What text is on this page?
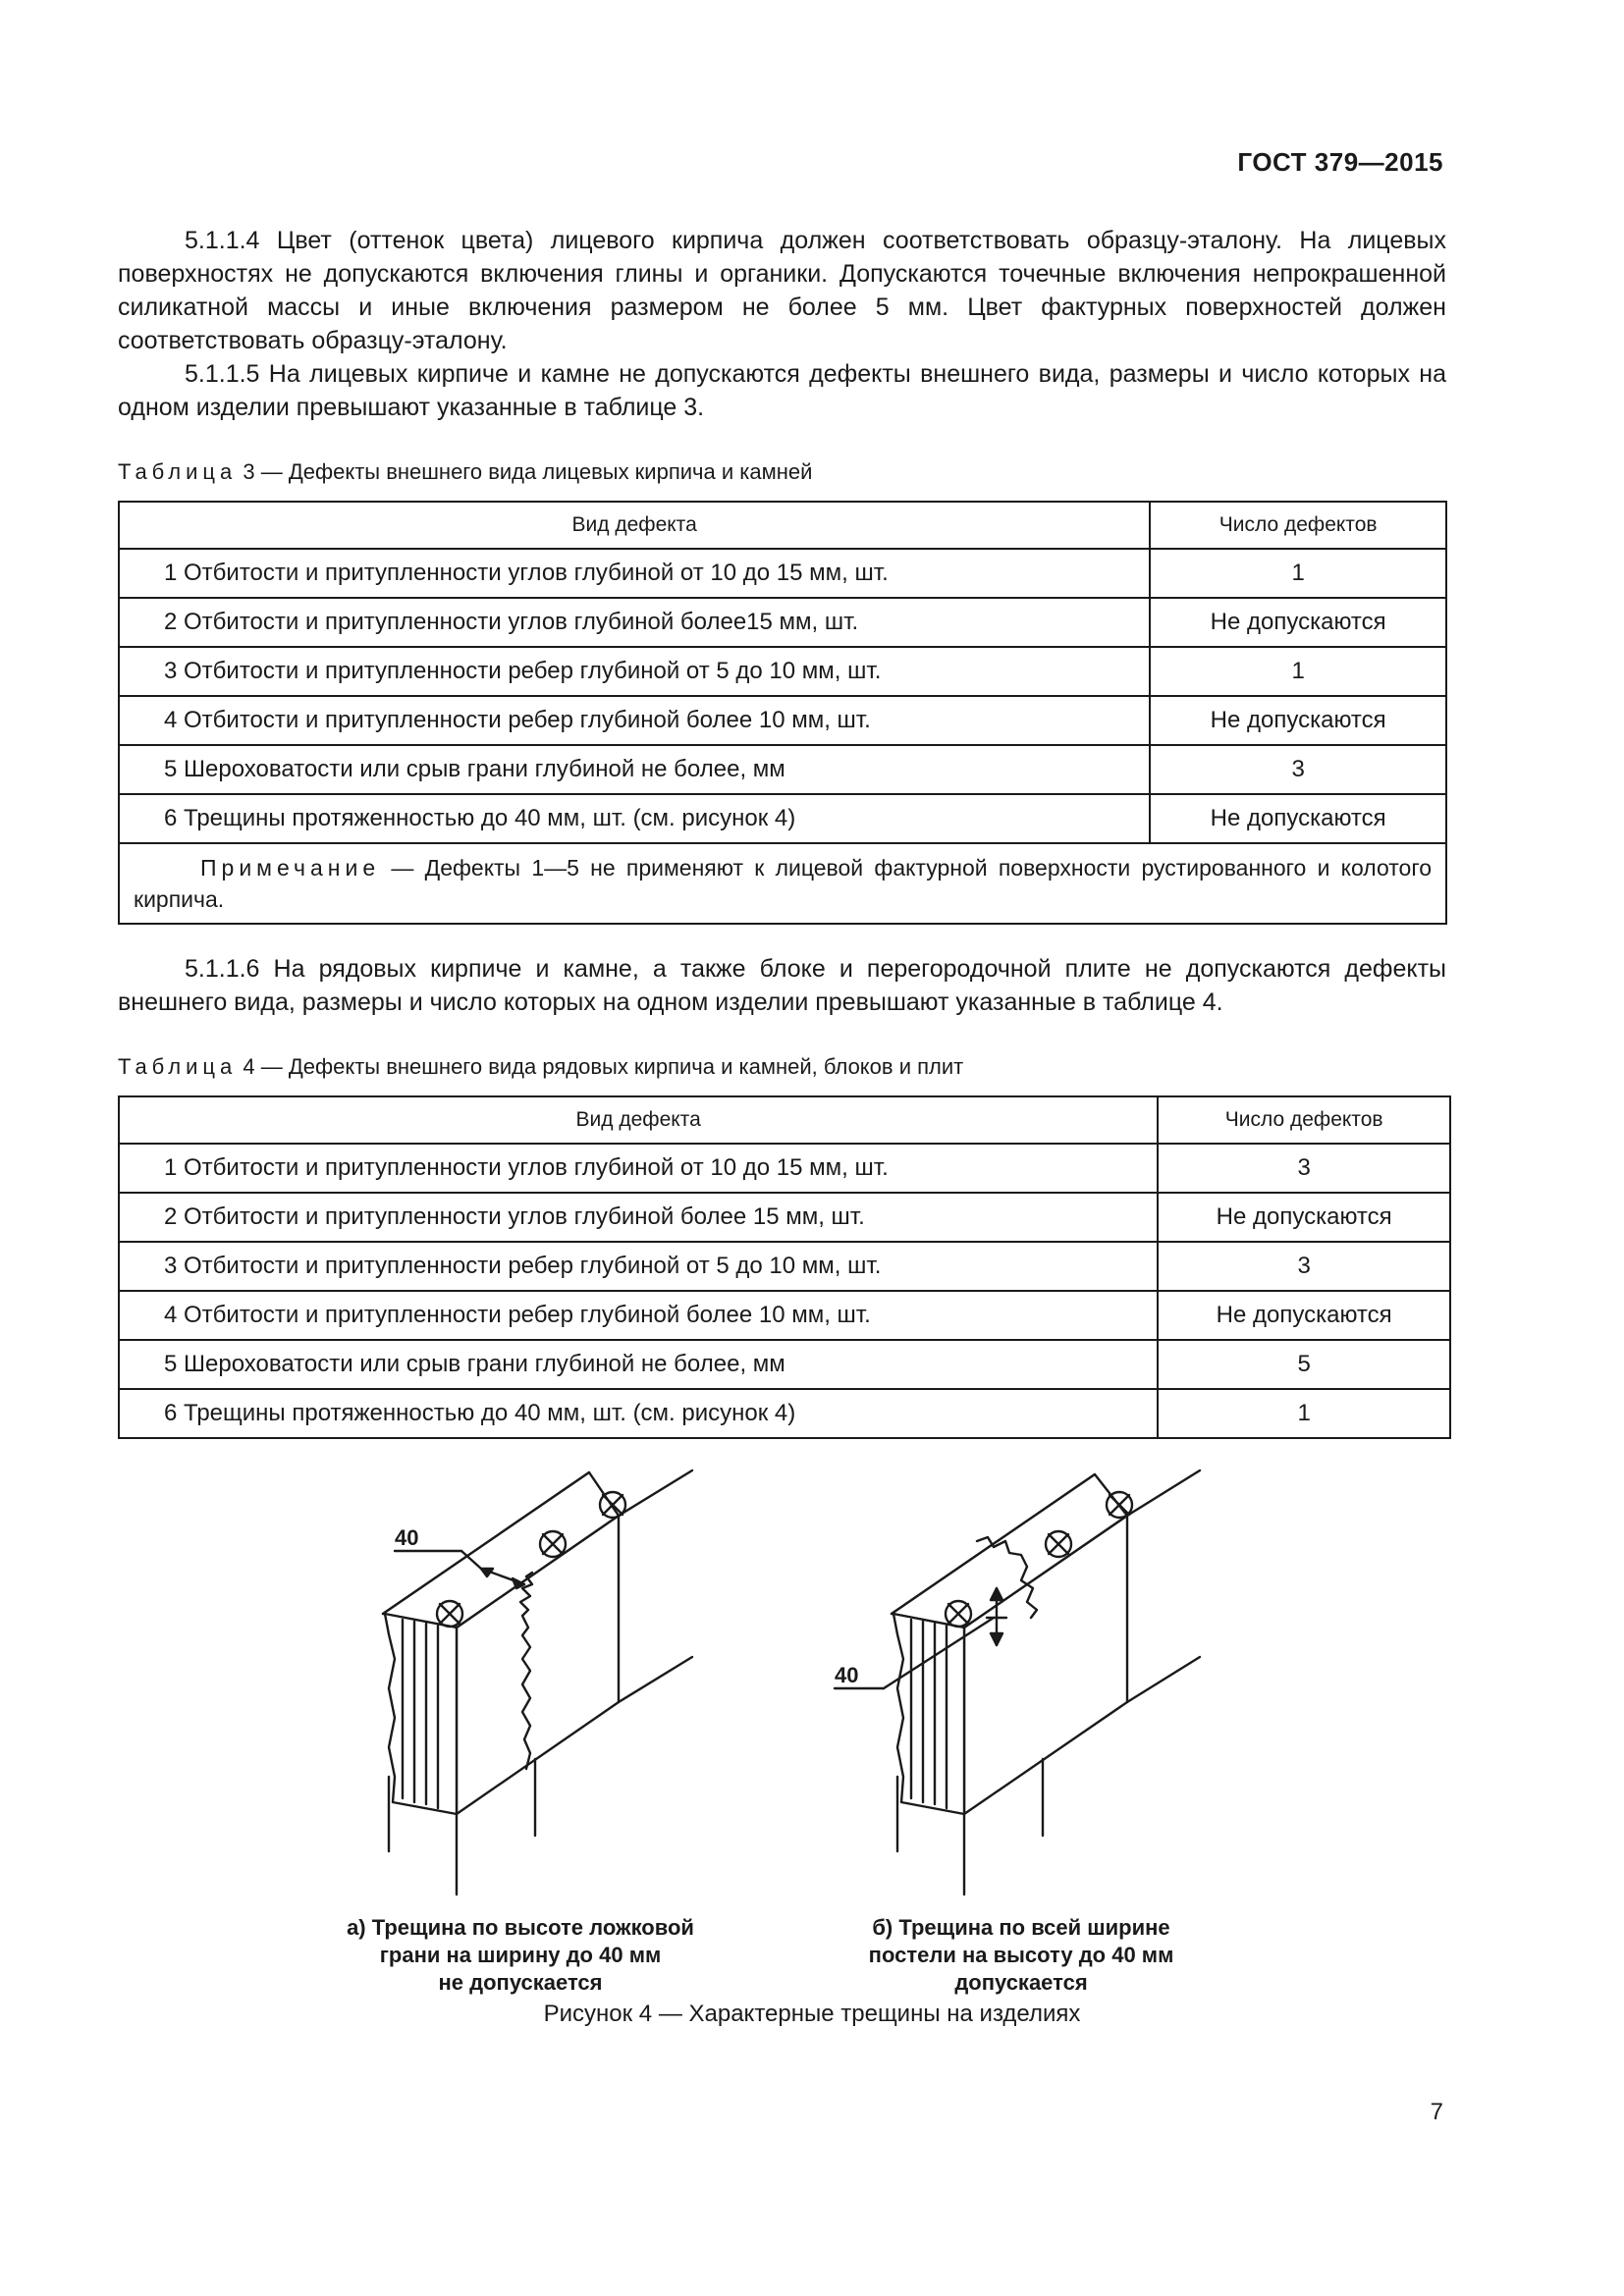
ГОСТ 379—2015

5.1.1.4 Цвет (оттенок цвета) лицевого кирпича должен соответствовать образцу-эталону. На лицевых поверхностях не допускаются включения глины и органики. Допускаются точечные включения непрокрашенной силикатной массы и иные включения размером не более 5 мм. Цвет фактурных поверхностей должен соответствовать образцу-эталону.

5.1.1.5 На лицевых кирпиче и камне не допускаются дефекты внешнего вида, размеры и число которых на одном изделии превышают указанные в таблице 3.

Таблица 3 — Дефекты внешнего вида лицевых кирпича и камней
Вид дефекта	Число дефектов
1 Отбитости и притупленности углов глубиной от 10 до 15 мм, шт.	1
2 Отбитости и притупленности углов глубиной более15 мм, шт.	Не допускаются
3 Отбитости и притупленности ребер глубиной от 5 до 10 мм, шт.	1
4 Отбитости и притупленности ребер глубиной более 10 мм, шт.	Не допускаются
5 Шероховатости или срыв грани глубиной не более, мм	3
6 Трещины протяженностью до 40 мм, шт. (см. рисунок 4)	Не допускаются
Примечание — Дефекты 1—5 не применяют к лицевой фактурной поверхности рустированного и колотого кирпича.	

5.1.1.6 На рядовых кирпиче и камне, а также блоке и перегородочной плите не допускаются дефекты внешнего вида, размеры и число которых на одном изделии превышают указанные в таблице 4.

Таблица 4 — Дефекты внешнего вида рядовых кирпича и камней, блоков и плит
Вид дефекта	Число дефектов
1 Отбитости и притупленности углов глубиной от 10 до 15 мм, шт.	3
2 Отбитости и притупленности углов глубиной более 15 мм, шт.	Не допускаются
3 Отбитости и притупленности ребер глубиной от 5 до 10 мм, шт.	3
4 Отбитости и притупленности ребер глубиной более 10 мм, шт.	Не допускаются
5 Шероховатости или срыв грани глубиной не более, мм	5
6 Трещины протяженностью до 40 мм, шт. (см. рисунок 4)	1
40
40
а) Трещина по высоте ложковой
грани на ширину до 40 мм
не допускается
б) Трещина по всей ширине
постели на высоту до 40 мм
допускается
Рисунок 4 — Характерные трещины на изделиях
7
